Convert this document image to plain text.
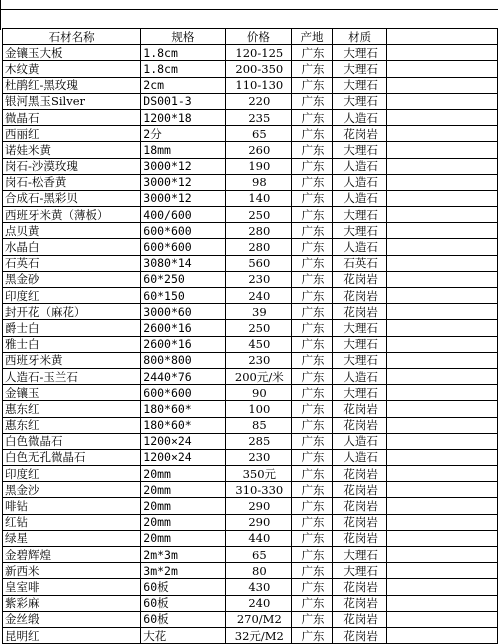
石材名称	规格	价格	产地	材质	
金镶玉大板	1.8cm	120-125	广东	大理石	
木纹黄	1.8cm	200-350	广东	大理石	
杜鹃红-黑玫瑰	2cm	110-130	广东	大理石	
银河黑玉Silver	DS001-3	220	广东	大理石	
微晶石	1200*18	235	广东	人造石	
西丽红	2分	65	广东	花岗岩	
诺娃米黄	18mm	260	广东	大理石	
岗石-沙漠玫瑰	3000*12	190	广东	人造石	
岗石-松香黄	3000*12	98	广东	人造石	
合成石-黑彩贝	3000*12	140	广东	人造石	
西班牙米黄（薄板）	400/600	250	广东	大理石	
点贝黄	600*600	280	广东	大理石	
水晶白	600*600	280	广东	人造石	
石英石	3080*14	560	广东	石英石	
黑金砂	60*250	230	广东	花岗岩	
印度红	60*150	240	广东	花岗岩	
封开花（麻花）	3000*60	39	广东	花岗岩	
爵士白	2600*16	250	广东	大理石	
雅士白	2600*16	450	广东	大理石	
西班牙米黄	800*800	230	广东	大理石	
人造石-玉兰石	2440*76	200元/米	广东	人造石	
金镶玉	600*600	90	广东	大理石	
惠东红	180*60*	100	广东	花岗岩	
惠东红	180*60*	85	广东	花岗岩	
白色微晶石	1200×24	285	广东	人造石	
白色无孔微晶石	1200×24	230	广东	人造石	
印度红	20mm	350元	广东	花岗岩	
黑金沙	20mm	310-330	广东	花岗岩	
啡钻	20mm	290	广东	花岗岩	
红钻	20mm	290	广东	花岗岩	
绿星	20mm	440	广东	花岗岩	
金碧辉煌	2m*3m	65	广东	大理石	
新西米	3m*2m	80	广东	大理石	
皇室啡	60板	430	广东	花岗岩	
紫彩麻	60板	240	广东	花岗岩	
金丝缎	60板	270/M2	广东	花岗岩	
昆明红	大花	32元/M2	广东	花岗岩	
